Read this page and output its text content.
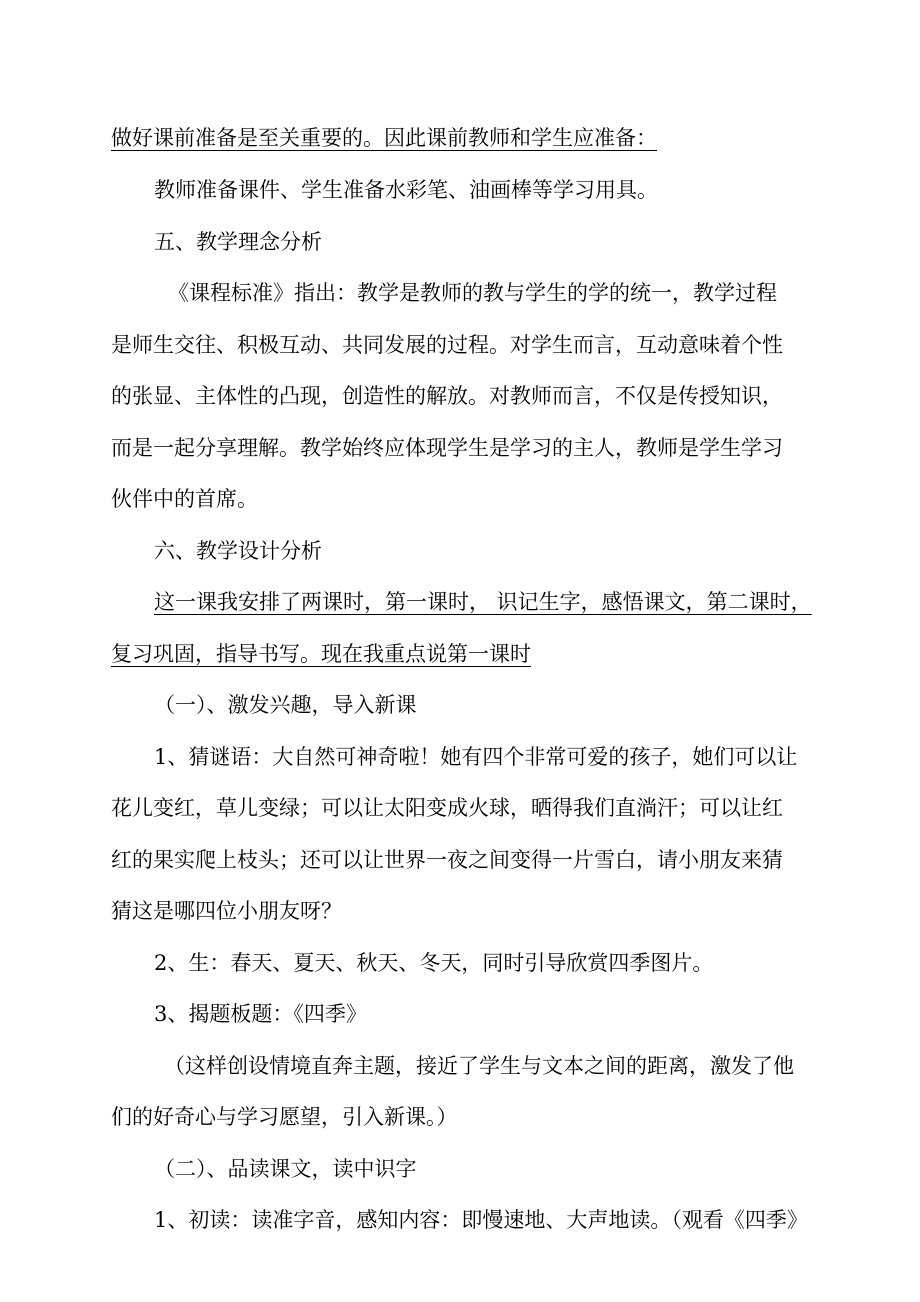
做好课前准备是至关重要的。因此课前教师和学生应准备：
教师准备课件、学生准备水彩笔、油画棒等学习用具。
五、教学理念分析
《课程标准》指出：教学是教师的教与学生的学的统一，教学过程
是师生交往、积极互动、共同发展的过程。对学生而言，互动意味着个性
的张显、主体性的凸现，创造性的解放。对教师而言，不仅是传授知识，
而是一起分享理解。教学始终应体现学生是学习的主人，教师是学生学习
伙伴中的首席。
六、教学设计分析
这一课我安排了两课时，第一课时， 识记生字，感悟课文，第二课时，
复习巩固，指导书写。现在我重点说第一课时
（一）、激发兴趣，导入新课
1、猜谜语：大自然可神奇啦！她有四个非常可爱的孩子，她们可以让
花儿变红，草儿变绿；可以让太阳变成火球，晒得我们直淌汗；可以让红
红的果实爬上枝头；还可以让世界一夜之间变得一片雪白，请小朋友来猜
猜这是哪四位小朋友呀？
2、生：春天、夏天、秋天、冬天，同时引导欣赏四季图片。
3、揭题板题：《四季》
（这样创设情境直奔主题，接近了学生与文本之间的距离，激发了他
们的好奇心与学习愿望，引入新课。）
（二）、品读课文，读中识字
1、初读：读准字音，感知内容：即慢速地、大声地读。（观看《四季》
